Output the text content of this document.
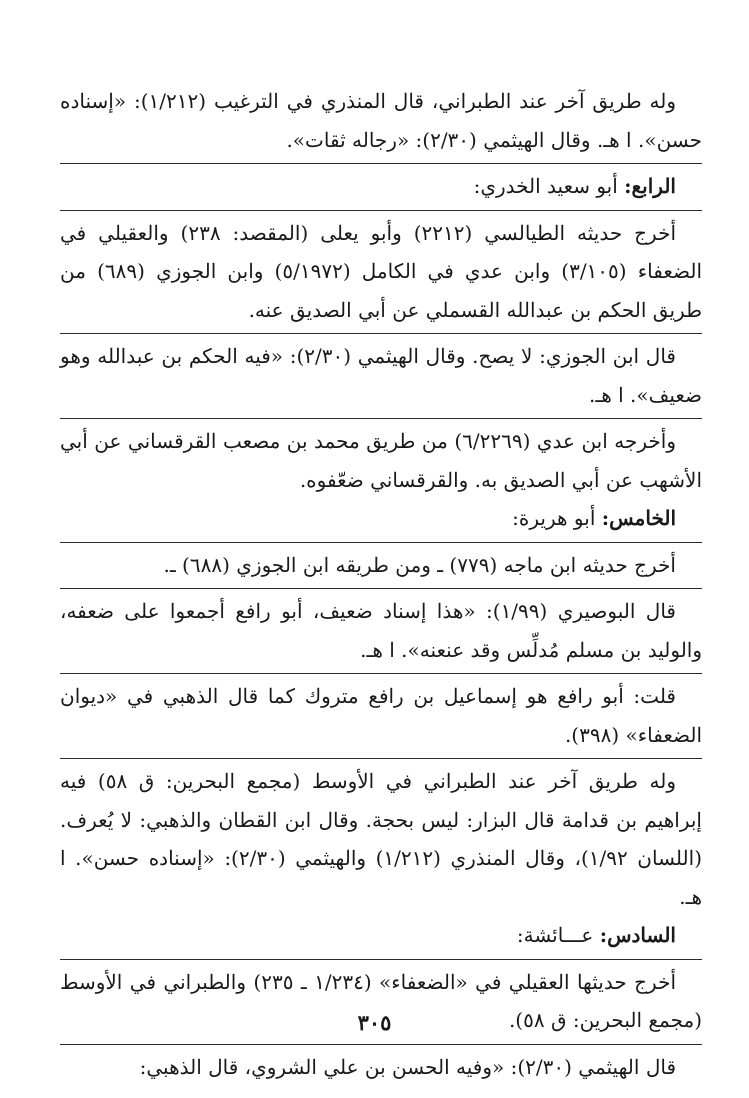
وله طريق آخر عند الطبراني، قال المنذري في الترغيب (١/٢١٢): «إسناده حسن». ا هـ. وقال الهيثمي (٢/٣٠): «رجاله ثقات».

الرابع: أبو سعيد الخدري:

أخرج حديثه الطيالسي (٢٢١٢) وأبو يعلى (المقصد: ٢٣٨) والعقيلي في الضعفاء (٣/١٠٥) وابن عدي في الكامل (٥/١٩٧٢) وابن الجوزي (٦٨٩) من طريق الحكم بن عبدالله القسملي عن أبي الصديق عنه.

قال ابن الجوزي: لا يصح. وقال الهيثمي (٢/٣٠): «فيه الحكم بن عبدالله وهو ضعيف». ا هـ.

وأخرجه ابن عدي (٦/٢٢٦٩) من طريق محمد بن مصعب القرقساني عن أبي الأشهب عن أبي الصديق به. والقرقساني ضعّفوه.

الخامس: أبو هريرة:

أخرج حديثه ابن ماجه (٧٧٩) ـ ومن طريقه ابن الجوزي (٦٨٨) ـ.

قال البوصيري (١/٩٩): «هذا إسناد ضعيف، أبو رافع أجمعوا على ضعفه، والوليد بن مسلم مُدلِّس وقد عنعنه». ا هـ.

قلت: أبو رافع هو إسماعيل بن رافع متروك كما قال الذهبي في «ديوان الضعفاء» (٣٩٨).

وله طريق آخر عند الطبراني في الأوسط (مجمع البحرين: ق ٥٨) فيه إبراهيم بن قدامة قال البزار: ليس بحجة. وقال ابن القطان والذهبي: لا يُعرف. (اللسان ١/٩٢)، وقال المنذري (١/٢١٢) والهيثمي (٢/٣٠): «إسناده حسن». ا هـ.

السادس: عـــائشة:

أخرج حديثها العقيلي في «الضعفاء» (١/٢٣٤ ـ ٢٣٥) والطبراني في الأوسط (مجمع البحرين: ق ٥٨).

قال الهيثمي (٢/٣٠): «وفيه الحسن بن علي الشروي، قال الذهبي:

٣٠٥
